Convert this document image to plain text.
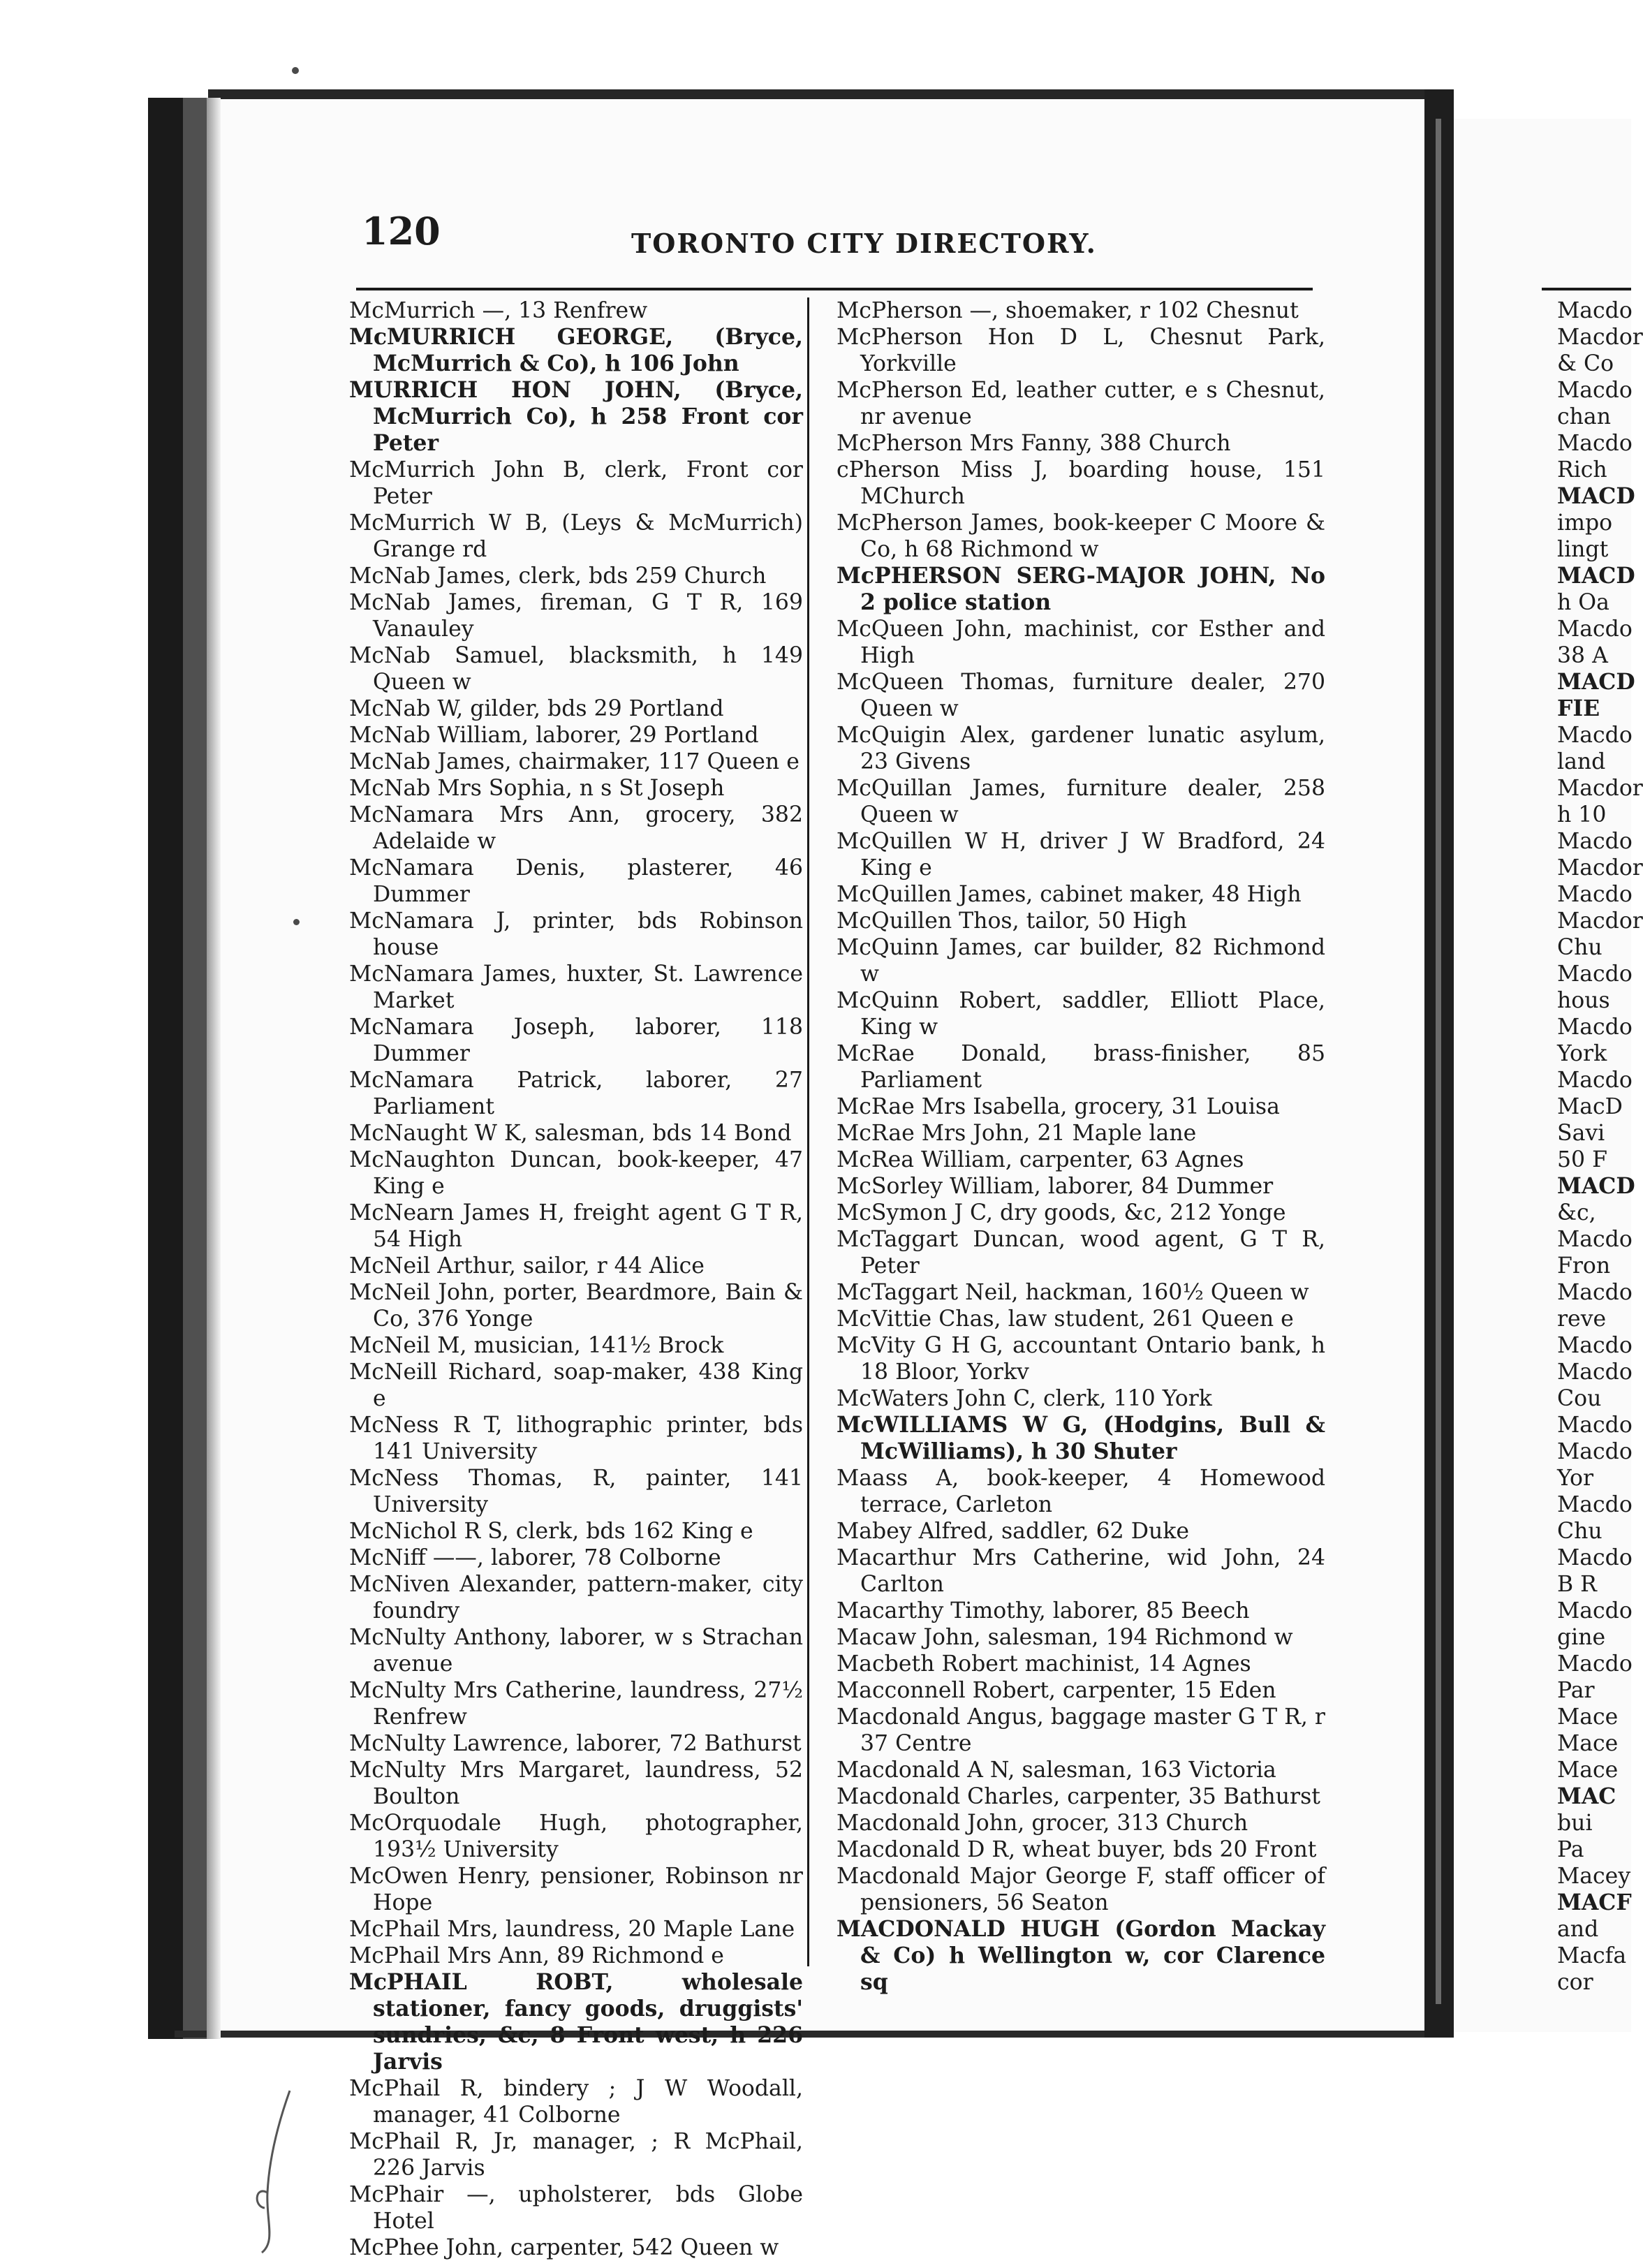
120	TORONTO CITY DIRECTORY.
McMurrich —, 13 Renfrew
McMURRICH GEORGE, (Bryce, McMurrich & Co), h 106 John
MURRICH HON JOHN, (Bryce, McMurrich Co), h 258 Front cor Peter
McMurrich John B, clerk, Front cor Peter
McMurrich W B, (Leys & McMurrich) Grange rd
McNab James, clerk, bds 259 Church
McNab James, fireman, G T R, 169 Vanauley
McNab Samuel, blacksmith, h 149 Queen w
McNab W, gilder, bds 29 Portland
McNab William, laborer, 29 Portland
McNab James, chairmaker, 117 Queen e
McNab Mrs Sophia, n s St Joseph
McNamara Mrs Ann, grocery, 382 Adelaide w
McNamara Denis, plasterer, 46 Dummer
McNamara J, printer, bds Robinson house
McNamara James, huxter, St. Lawrence Market
McNamara Joseph, laborer, 118 Dummer
McNamara Patrick, laborer, 27 Parliament
McNaught W K, salesman, bds 14 Bond
McNaughton Duncan, book-keeper, 47 King e
McNearn James H, freight agent G T R, 54 High
McNeil Arthur, sailor, r 44 Alice
McNeil John, porter, Beardmore, Bain & Co, 376 Yonge
McNeil M, musician, 141½ Brock
McNeill Richard, soap-maker, 438 King e
McNess R T, lithographic printer, bds 141 University
McNess Thomas, R, painter, 141 University
McNichol R S, clerk, bds 162 King e
McNiff ——, laborer, 78 Colborne
McNiven Alexander, pattern-maker, city foundry
McNulty Anthony, laborer, w s Strachan avenue
McNulty Mrs Catherine, laundress, 27½ Renfrew
McNulty Lawrence, laborer, 72 Bathurst
McNulty Mrs Margaret, laundress, 52 Boulton
McOrquodale Hugh, photographer, 193½ University
McOwen Henry, pensioner, Robinson nr Hope
McPhail Mrs, laundress, 20 Maple Lane
McPhail Mrs Ann, 89 Richmond e
McPHAIL ROBT, wholesale stationer, fancy goods, druggists' sundries, &c, 8 Front west, h 226 Jarvis
McPhail R, bindery ; J W Woodall, manager, 41 Colborne
McPhail R, Jr, manager, ; R McPhail, 226 Jarvis
McPhair —, upholsterer, bds Globe Hotel
McPhee John, carpenter, 542 Queen w
McPherson —, shoemaker, r 102 Chesnut
McPherson Hon D L, Chesnut Park, Yorkville
McPherson Ed, leather cutter, e s Chesnut, nr avenue
McPherson Mrs Fanny, 388 Church
cPherson Miss J, boarding house, 151 MChurch
McPherson James, book-keeper C Moore & Co, h 68 Richmond w
McPHERSON SERG-MAJOR JOHN, No 2 police station
McQueen John, machinist, cor Esther and High
McQueen Thomas, furniture dealer, 270 Queen w
McQuigin Alex, gardener lunatic asylum, 23 Givens
McQuillan James, furniture dealer, 258 Queen w
McQuillen W H, driver J W Bradford, 24 King e
McQuillen James, cabinet maker, 48 High
McQuillen Thos, tailor, 50 High
McQuinn James, car builder, 82 Richmond w
McQuinn Robert, saddler, Elliott Place, King w
McRae Donald, brass-finisher, 85 Parliament
McRae Mrs Isabella, grocery, 31 Louisa
McRae Mrs John, 21 Maple lane
McRea William, carpenter, 63 Agnes
McSorley William, laborer, 84 Dummer
McSymon J C, dry goods, &c, 212 Yonge
McTaggart Duncan, wood agent, G T R, Peter
McTaggart Neil, hackman, 160½ Queen w
McVittie Chas, law student, 261 Queen e
McVity G H G, accountant Ontario bank, h 18 Bloor, Yorkv
McWaters John C, clerk, 110 York
McWILLIAMS W G, (Hodgins, Bull & McWilliams), h 30 Shuter
Maass A, book-keeper, 4 Homewood terrace, Carleton
Mabey Alfred, saddler, 62 Duke
Macarthur Mrs Catherine, wid John, 24 Carlton
Macarthy Timothy, laborer, 85 Beech
Macaw John, salesman, 194 Richmond w
Macbeth Robert machinist, 14 Agnes
Macconnell Robert, carpenter, 15 Eden
Macdonald Angus, baggage master G T R, r 37 Centre
Macdonald A N, salesman, 163 Victoria
Macdonald Charles, carpenter, 35 Bathurst
Macdonald John, grocer, 313 Church
Macdonald D R, wheat buyer, bds 20 Front
Macdonald Major George F, staff officer of pensioners, 56 Seaton
MACDONALD HUGH (Gordon Mackay & Co) h Wellington w, cor Clarence sq
Macdo
Macdor
& Co
Macdo
chan
Macdo
Rich
MACD
impo
lingt
MACD
h Oa
Macdo
38 A
MACD
FIE
Macdo
land
Macdor
h 10
Macdo
Macdor
Macdo
Macdor
Chu
Macdo
hous
Macdo
York
Macdo
MacD
Savi
50 F
MACD
&c,
Macdo
Fron
Macdo
reve
Macdo
Macdo
Cou
Macdo
Macdo
Yor
Macdo
Chu
Macdo
B R
Macdo
gine
Macdo
Par
Mace
Mace
Mace
MAC
bui
Pa
Macey
MACF
and
Macfa
cor
